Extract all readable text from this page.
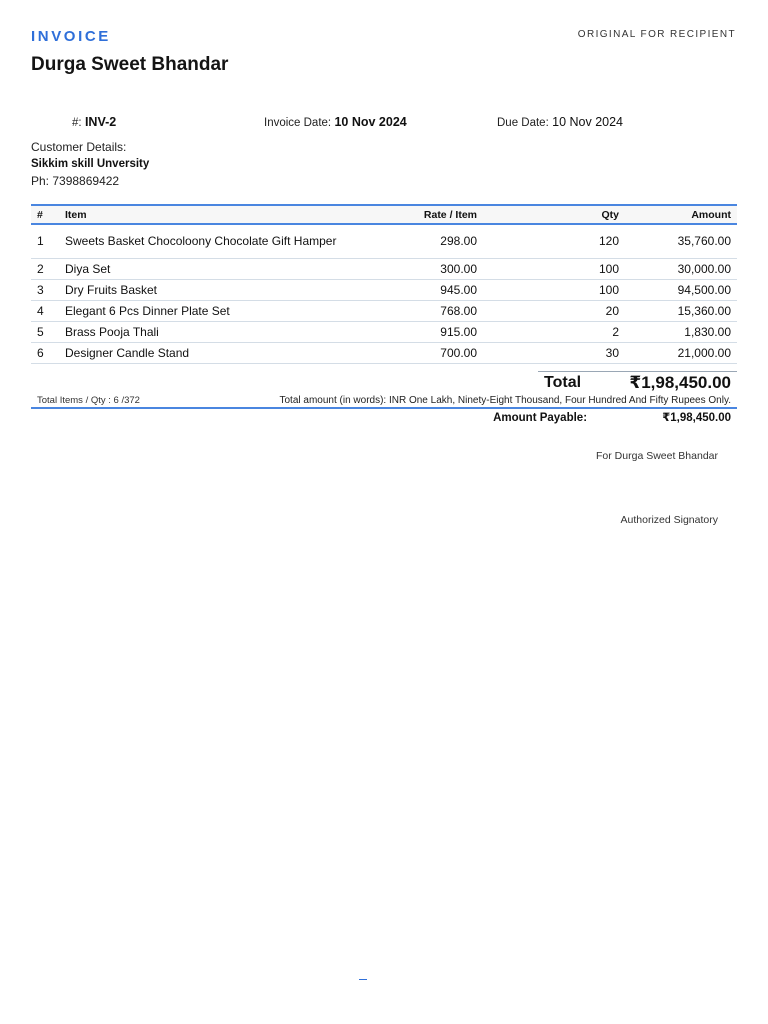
INVOICE	ORIGINAL FOR RECIPIENT
Durga Sweet Bhandar
#: INV-2	Invoice Date: 10 Nov 2024	Due Date: 10 Nov 2024
Customer Details:
Sikkim skill Unversity
Ph: 7398869422
#	Item	Rate / Item	Qty	Amount
1	Sweets Basket Chocoloony Chocolate Gift Hamper	298.00	120	35,760.00
2	Diya Set	300.00	100	30,000.00
3	Dry Fruits Basket	945.00	100	94,500.00
4	Elegant 6 Pcs Dinner Plate Set	768.00	20	15,360.00
5	Brass Pooja Thali	915.00	2	1,830.00
6	Designer Candle Stand	700.00	30	21,000.00
Total	₹1,98,450.00
Total Items / Qty : 6 /372	Total amount (in words): INR One Lakh, Ninety-Eight Thousand, Four Hundred And Fifty Rupees Only.
Amount Payable:	₹1,98,450.00
For Durga Sweet Bhandar
Authorized Signatory
